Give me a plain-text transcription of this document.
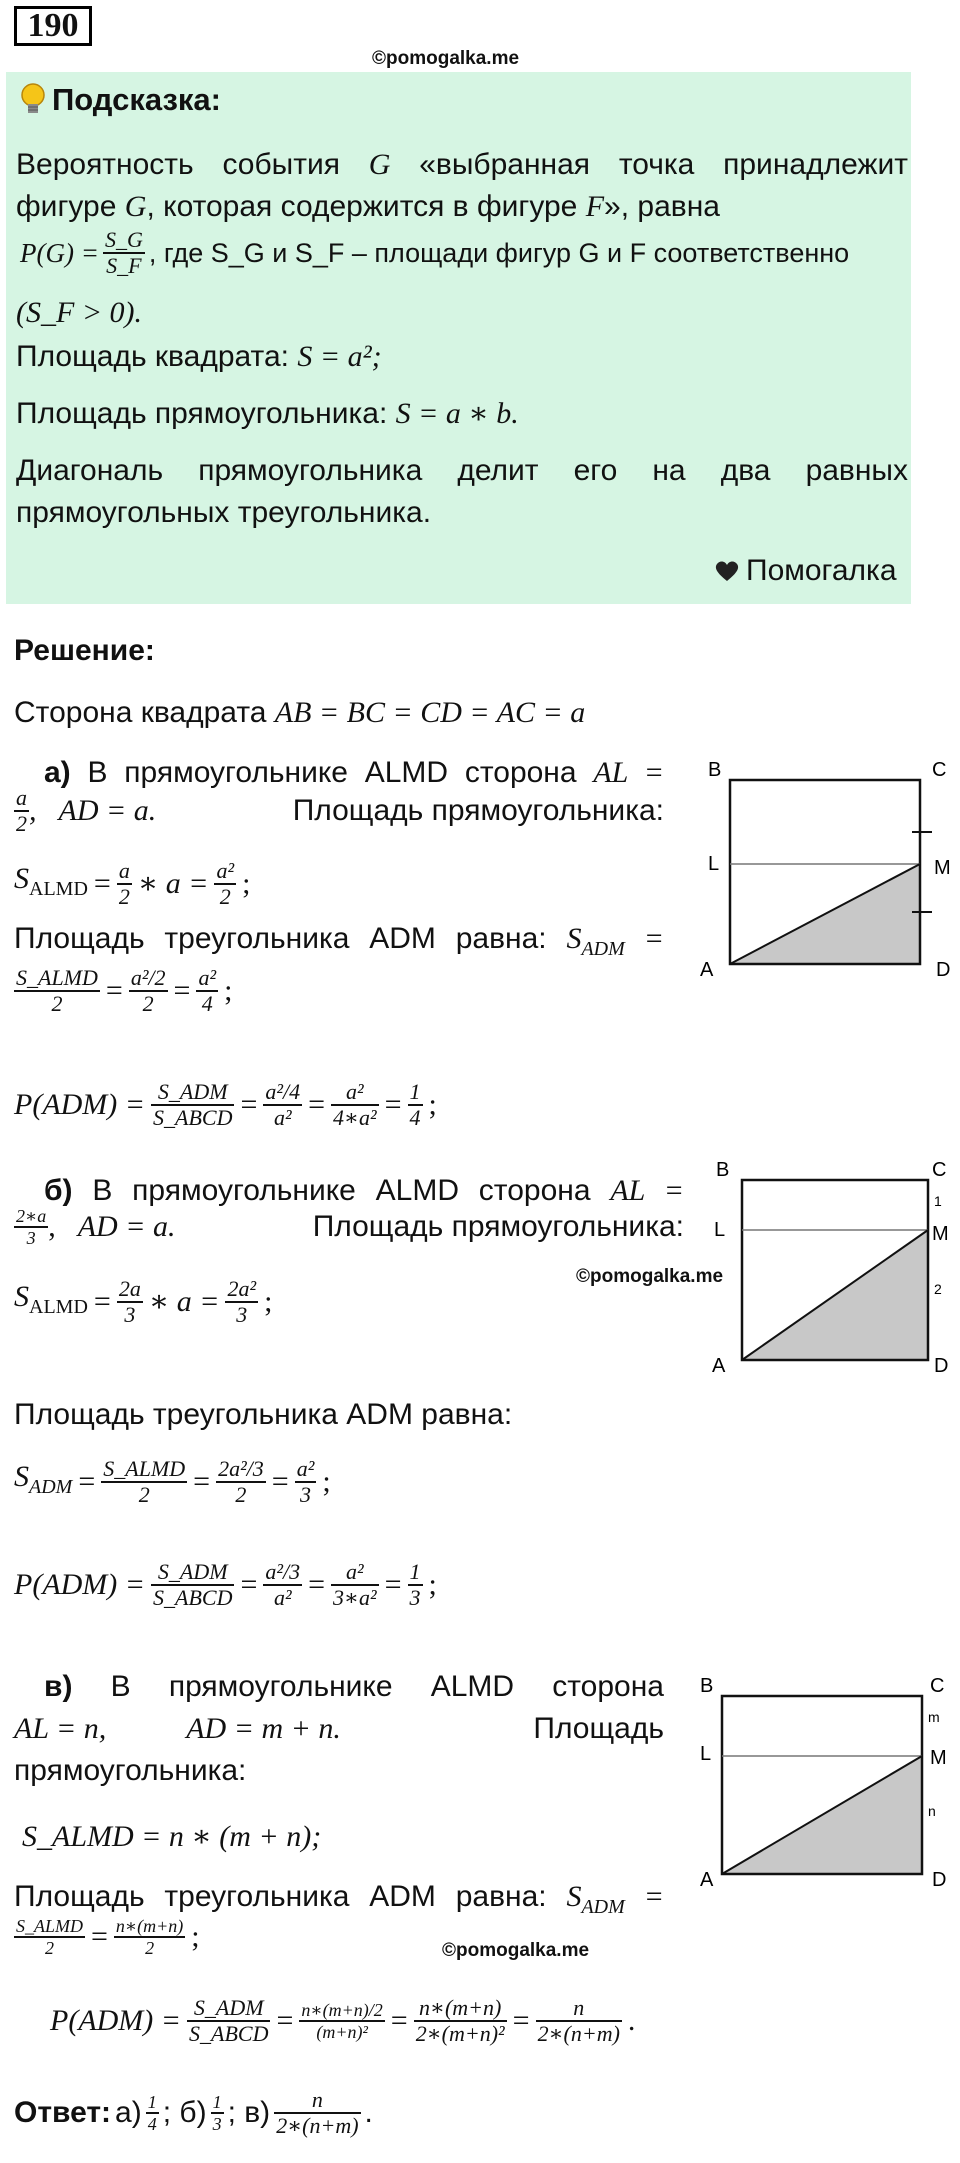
190
©pomogalka.me
Подсказка:
Вероятность события G «выбранная точка принадлежит
фигуре G, которая содержится в фигуре F», равна
$P(G) = \frac{S\_G}{S\_F}$ , где S_G и S_F – площади фигур G и F соответственно
(S_F > 0).
Площадь квадрата: S = a²;
Площадь прямоугольника: S = a ∗ b.
Диагональ прямоугольника делит его на два равных
прямоугольных треугольника.
Помогалка
Решение:
Сторона квадрата AB = BC = CD = AC = a
а) В прямоугольнике ALMD сторона AL =
$\frac{a}{2}$ , AD = a.	Площадь прямоугольника:
$S_{ALMD} = \frac{a}{2}$ ∗ $a = \frac{\text{a²}}{2}$ ;
Площадь треугольника ADM равна: $S_{ADM}$ =
$\frac{\text{S\_ALMD}}{2} = \frac{\text{a²/2}}{2} = \frac{\text{a²}}{4}$ ;
$P(ADM) = \frac{\text{S\_ADM}}{\text{S\_ABCD}} = \frac{\text{a²/4}}{\text{a²}} = \frac{\text{a²}}{\text{4∗a²}} = \frac{1}{4}$ ;
B	C
L	M
A	D
б) В прямоугольнике ALMD сторона AL =
$\frac{2∗a}{3}$ , AD = a.	Площадь прямоугольника:
$S_{ALMD} = \frac{2a}{3}$ ∗ $a = \frac{\text{2a²}}{3}$ ;
©pomogalka.me
B	C
L	M
1
2
A	D
Площадь треугольника ADM равна:
$S_{ADM} = \frac{\text{S\_ALMD}}{2} = \frac{\text{2a²/3}}{2} = \frac{\text{a²}}{3}$ ;
$P(ADM) = \frac{\text{S\_ADM}}{\text{S\_ABCD}} = \frac{\text{a²/3}}{\text{a²}} = \frac{\text{a²}}{\text{3∗a²}} = \frac{1}{3}$ ;
в) В прямоугольнике ALMD сторона
AL = n,	AD = m + n.	Площадь
прямоугольника:
S_ALMD = n ∗ (m + n);
Площадь треугольника ADM равна: $S_{ADM}$ =
$\frac{\text{S\_ALMD}}{2} = \frac{n∗(m+n)}{2}$ ;	©pomogalka.me
B	C
L	M
m
n
A	D
$P(ADM) = \frac{\text{S\_ADM}}{\text{S\_ABCD}} = \frac{n∗(m+n)/2}{\text{(m+n)²}} = \frac{n∗(m+n)}{\text{2∗(m+n)²}} = \frac{n}{2∗(n+m)}$ .
Ответ: $а) \frac{1}{4}$ ; $б) \frac{1}{3}$ ; $в) \frac{n}{2∗(n+m)}$ .
